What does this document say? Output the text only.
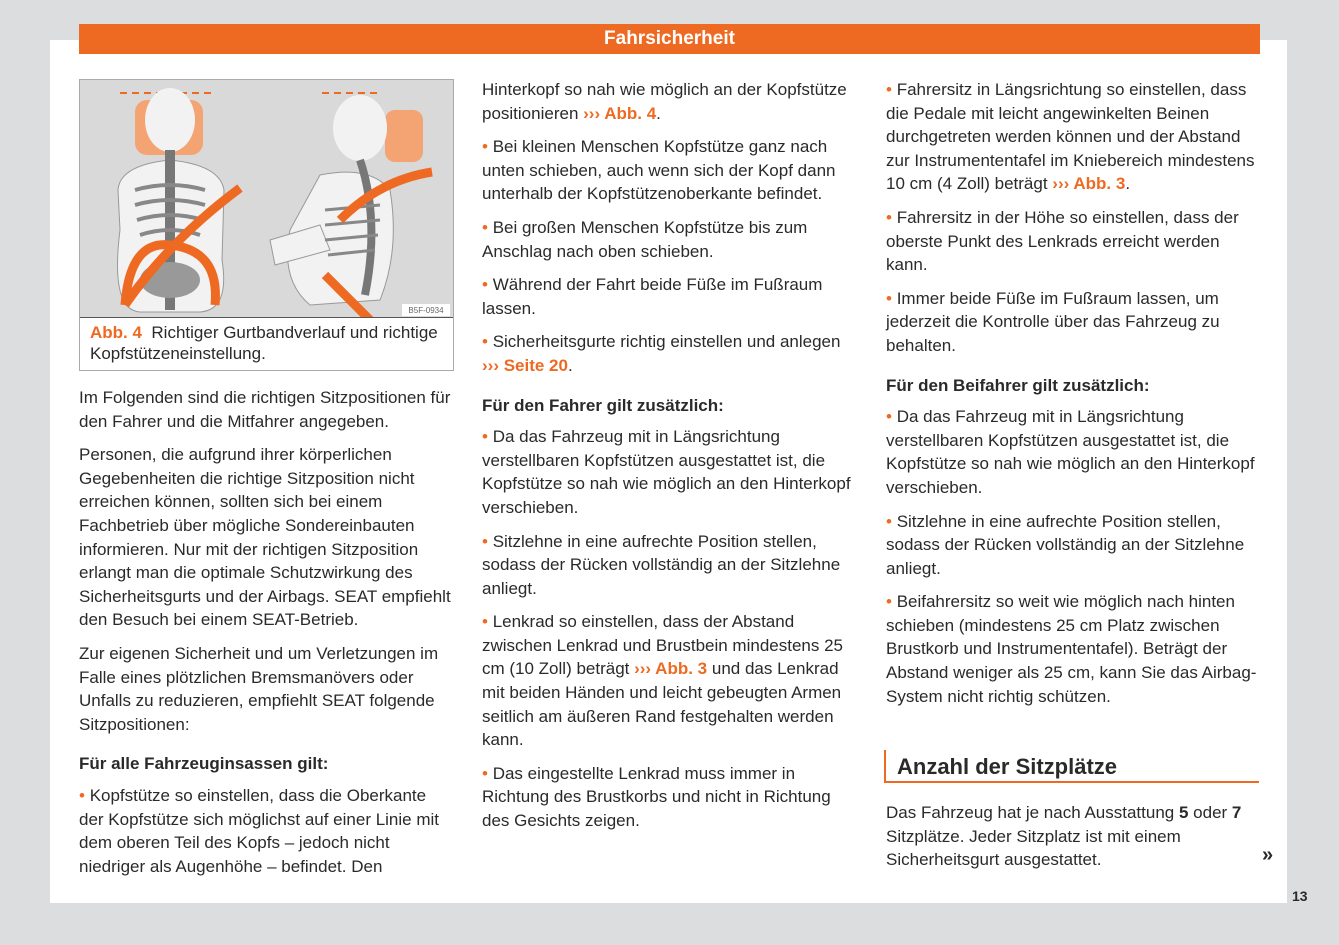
Fahrsicherheit
B5F-0934
Abb. 4 Richtiger Gurtbandverlauf und richtige Kopfstützeneinstellung.

Im Folgenden sind die richtigen Sitzpositionen für den Fahrer und die Mitfahrer angegeben.

Personen, die aufgrund ihrer körperlichen Gegebenheiten die richtige Sitzposition nicht erreichen können, sollten sich bei einem Fachbetrieb über mögliche Sondereinbauten informieren. Nur mit der richtigen Sitzposition erlangt man die optimale Schutzwirkung des Sicherheitsgurts und der Airbags. SEAT empfiehlt den Besuch bei einem SEAT-Betrieb.

Zur eigenen Sicherheit und um Verletzungen im Falle eines plötzlichen Bremsmanövers oder Unfalls zu reduzieren, empfiehlt SEAT folgende Sitzpositionen:

Für alle Fahrzeuginsassen gilt:

• Kopfstütze so einstellen, dass die Oberkante der Kopfstütze sich möglichst auf einer Linie mit dem oberen Teil des Kopfs – jedoch nicht niedriger als Augenhöhe – befindet. Den

Hinterkopf so nah wie möglich an der Kopfstütze positionieren ››› Abb. 4.

• Bei kleinen Menschen Kopfstütze ganz nach unten schieben, auch wenn sich der Kopf dann unterhalb der Kopfstützenoberkante befindet.

• Bei großen Menschen Kopfstütze bis zum Anschlag nach oben schieben.

• Während der Fahrt beide Füße im Fußraum lassen.

• Sicherheitsgurte richtig einstellen und anlegen ››› Seite 20.

Für den Fahrer gilt zusätzlich:

• Da das Fahrzeug mit in Längsrichtung verstellbaren Kopfstützen ausgestattet ist, die Kopfstütze so nah wie möglich an den Hinterkopf verschieben.

• Sitzlehne in eine aufrechte Position stellen, sodass der Rücken vollständig an der Sitzlehne anliegt.

• Lenkrad so einstellen, dass der Abstand zwischen Lenkrad und Brustbein mindestens 25 cm (10 Zoll) beträgt ››› Abb. 3 und das Lenkrad mit beiden Händen und leicht gebeugten Armen seitlich am äußeren Rand festgehalten werden kann.

• Das eingestellte Lenkrad muss immer in Richtung des Brustkorbs und nicht in Richtung des Gesichts zeigen.

• Fahrersitz in Längsrichtung so einstellen, dass die Pedale mit leicht angewinkelten Beinen durchgetreten werden können und der Abstand zur Instrumententafel im Kniebereich mindestens 10 cm (4 Zoll) beträgt ››› Abb. 3.

• Fahrersitz in der Höhe so einstellen, dass der oberste Punkt des Lenkrads erreicht werden kann.

• Immer beide Füße im Fußraum lassen, um jederzeit die Kontrolle über das Fahrzeug zu behalten.

Für den Beifahrer gilt zusätzlich:

• Da das Fahrzeug mit in Längsrichtung verstellbaren Kopfstützen ausgestattet ist, die Kopfstütze so nah wie möglich an den Hinterkopf verschieben.

• Sitzlehne in eine aufrechte Position stellen, sodass der Rücken vollständig an der Sitzlehne anliegt.

• Beifahrersitz so weit wie möglich nach hinten schieben (mindestens 25 cm Platz zwischen Brustkorb und Instrumententafel). Beträgt der Abstand weniger als 25 cm, kann Sie das Airbag-System nicht richtig schützen.

Anzahl der Sitzplätze

Das Fahrzeug hat je nach Ausstattung 5 oder 7 Sitzplätze. Jeder Sitzplatz ist mit einem Sicherheitsgurt ausgestattet.	»
13
